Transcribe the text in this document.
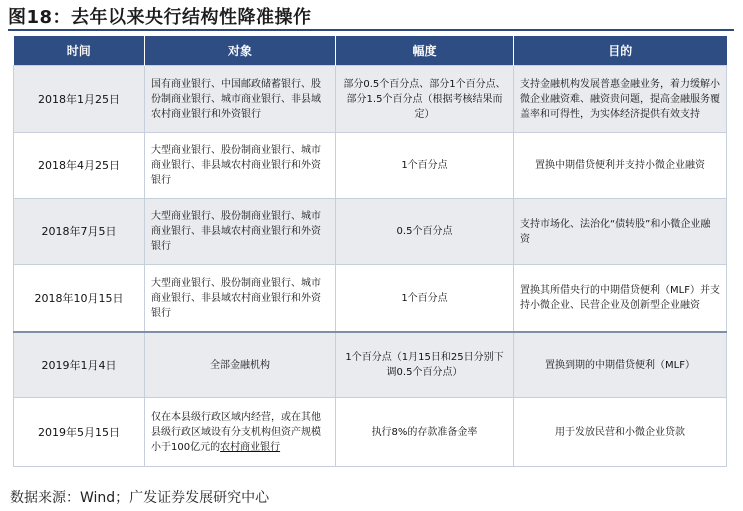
图18：去年以来央行结构性降准操作
时间	对象	幅度	目的
2018年1月25日	国有商业银行、中国邮政储蓄银行、股份制商业银行、城市商业银行、非县域农村商业银行和外资银行	部分0.5个百分点、部分1个百分点、部分1.5个百分点（根据考核结果而定）	支持金融机构发展普惠金融业务，着力缓解小微企业融资难、融资贵问题，提高金融服务覆盖率和可得性，为实体经济提供有效支持
2018年4月25日	大型商业银行、股份制商业银行、城市商业银行、非县域农村商业银行和外资银行	1个百分点	置换中期借贷便利并支持小微企业融资
2018年7月5日	大型商业银行、股份制商业银行、城市商业银行、非县域农村商业银行和外资银行	0.5个百分点	支持市场化、法治化“债转股”和小微企业融资
2018年10月15日	大型商业银行、股份制商业银行、城市商业银行、非县域农村商业银行和外资银行	1个百分点	置换其所借央行的中期借贷便利（MLF）并支持小微企业、民营企业及创新型企业融资
2019年1月4日	全部金融机构	1个百分点（1月15日和25日分别下调0.5个百分点）	置换到期的中期借贷便利（MLF）
2019年5月15日	仅在本县级行政区域内经营，或在其他县级行政区域设有分支机构但资产规模小于100亿元的农村商业银行	执行8%的存款准备金率	用于发放民营和小微企业贷款
数据来源：Wind；广发证券发展研究中心
